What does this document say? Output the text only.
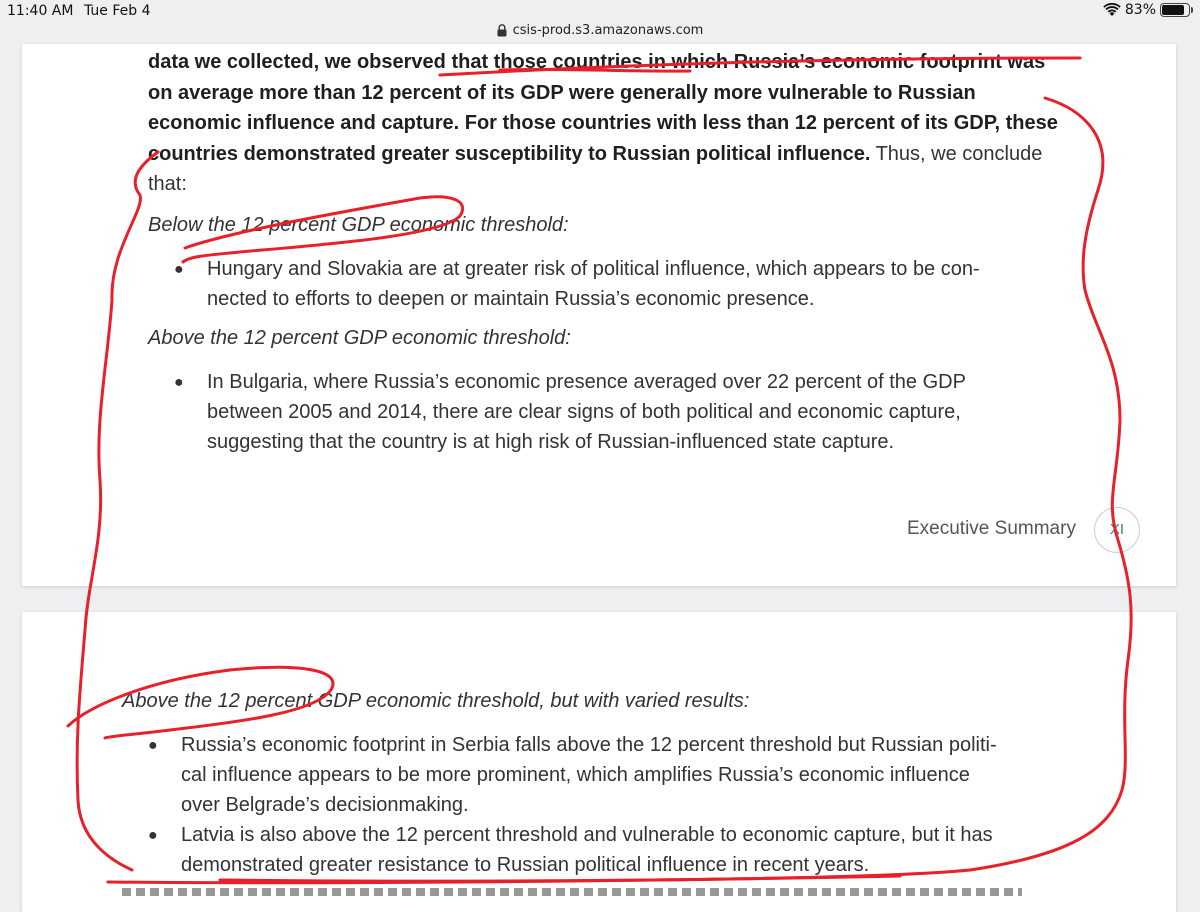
11:40 AM Tue Feb 4	83%
csis-prod.s3.amazonaws.com
data we collected, we observed that those countries in which Russia’s economic footprint was
on average more than 12 percent of its GDP were generally more vulnerable to Russian
economic influence and capture. For those countries with less than 12 percent of its GDP, these
countries demonstrated greater susceptibility to Russian political influence. Thus, we conclude
that:
Below the 12 percent GDP economic threshold:
● Hungary and Slovakia are at greater risk of political influence, which appears to be con-
nected to efforts to deepen or maintain Russia’s economic presence.
Above the 12 percent GDP economic threshold:
● In Bulgaria, where Russia’s economic presence averaged over 22 percent of the GDP
between 2005 and 2014, there are clear signs of both political and economic capture,
suggesting that the country is at high risk of Russian-influenced state capture.
Executive Summary	XI
Above the 12 percent GDP economic threshold, but with varied results:
● Russia’s economic footprint in Serbia falls above the 12 percent threshold but Russian politi-
cal influence appears to be more prominent, which amplifies Russia’s economic influence
over Belgrade’s decisionmaking.
● Latvia is also above the 12 percent threshold and vulnerable to economic capture, but it has
demonstrated greater resistance to Russian political influence in recent years.
